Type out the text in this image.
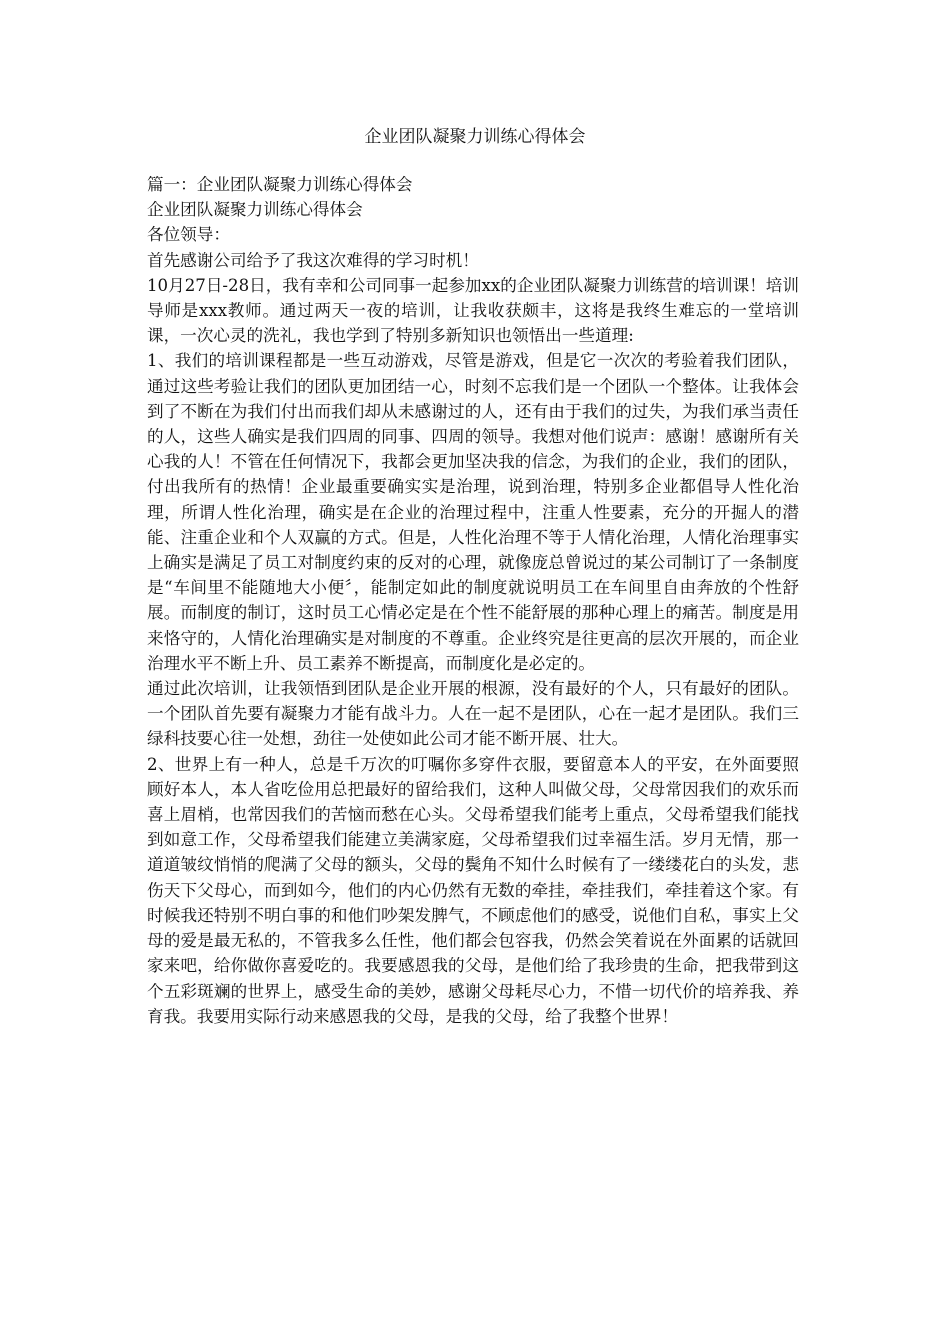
企业团队凝聚力训练心得体会

篇一：企业团队凝聚力训练心得体会

企业团队凝聚力训练心得体会

各位领导：

首先感谢公司给予了我这次难得的学习时机！

10月27日-28日，我有幸和公司同事一起参加xx的企业团队凝聚力训练营的培训课！培训导师是xxx教师。通过两天一夜的培训，让我收获颇丰，这将是我终生难忘的一堂培训课，一次心灵的洗礼，我也学到了特别多新知识也领悟出一些道理:

1、我们的培训课程都是一些互动游戏，尽管是游戏，但是它一次次的考验着我们团队，通过这些考验让我们的团队更加团结一心，时刻不忘我们是一个团队一个整体。让我体会到了不断在为我们付出而我们却从未感谢过的人，还有由于我们的过失，为我们承当责任的人，这些人确实是我们四周的同事、四周的领导。我想对他们说声：感谢！感谢所有关心我的人！不管在任何情况下，我都会更加坚决我的信念，为我们的企业，我们的团队，付出我所有的热情！企业最重要确实实是治理，说到治理，特别多企业都倡导人性化治理，所谓人性化治理，确实是在企业的治理过程中，注重人性要素，充分的开掘人的潜能、注重企业和个人双赢的方式。但是，人性化治理不等于人情化治理，人情化治理事实上确实是满足了员工对制度约束的反对的心理，就像庞总曾说过的某公司制订了一条制度是“车间里不能随地大小便〞，能制定如此的制度就说明员工在车间里自由奔放的个性舒展。而制度的制订，这时员工心情必定是在个性不能舒展的那种心理上的痛苦。制度是用来恪守的，人情化治理确实是对制度的不尊重。企业终究是往更高的层次开展的，而企业治理水平不断上升、员工素养不断提高，而制度化是必定的。

通过此次培训，让我领悟到团队是企业开展的根源，没有最好的个人，只有最好的团队。一个团队首先要有凝聚力才能有战斗力。人在一起不是团队，心在一起才是团队。我们三绿科技要心往一处想，劲往一处使如此公司才能不断开展、壮大。

2、世界上有一种人，总是千万次的叮嘱你多穿件衣服，要留意本人的平安，在外面要照顾好本人，本人省吃俭用总把最好的留给我们，这种人叫做父母，父母常因我们的欢乐而喜上眉梢，也常因我们的苦恼而愁在心头。父母希望我们能考上重点，父母希望我们能找到如意工作，父母希望我们能建立美满家庭，父母希望我们过幸福生活。岁月无情，那一道道皱纹悄悄的爬满了父母的额头，父母的鬓角不知什么时候有了一缕缕花白的头发，悲伤天下父母心，而到如今，他们的内心仍然有无数的牵挂，牵挂我们，牵挂着这个家。有时候我还特别不明白事的和他们吵架发脾气，不顾虑他们的感受，说他们自私，事实上父母的爱是最无私的，不管我多么任性，他们都会包容我，仍然会笑着说在外面累的话就回家来吧，给你做你喜爱吃的。我要感恩我的父母，是他们给了我珍贵的生命，把我带到这个五彩斑斓的世界上，感受生命的美妙，感谢父母耗尽心力，不惜一切代价的培养我、养育我。我要用实际行动来感恩我的父母，是我的父母，给了我整个世界！
